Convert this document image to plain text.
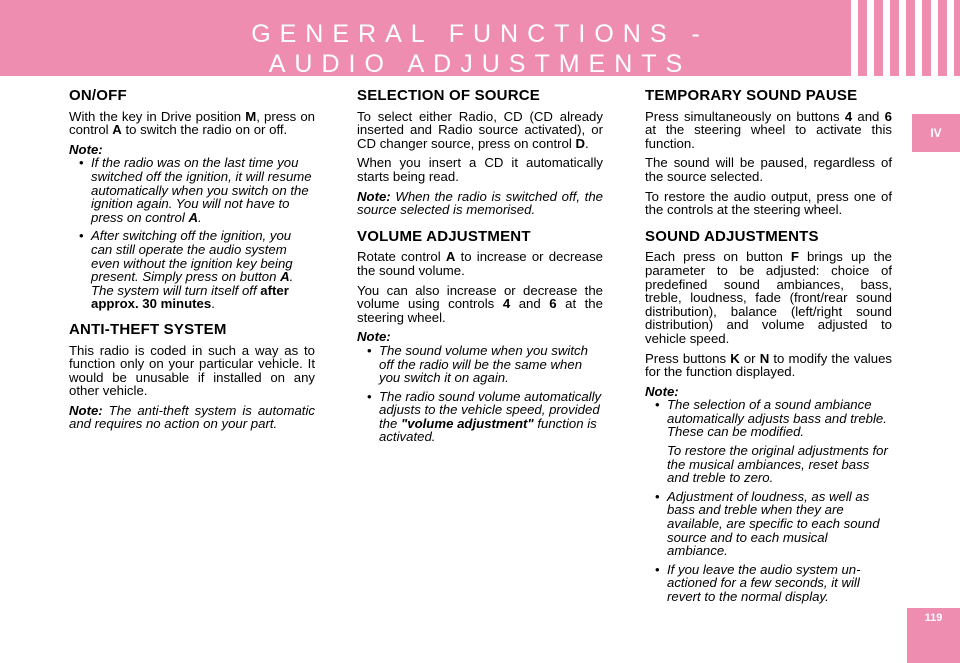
GENERAL FUNCTIONS -
AUDIO ADJUSTMENTS
IV
119
ON/OFF

With the key in Drive position M, press on control A to switch the radio on or off.

Note:

• If the radio was on the last time you switched off the ignition, it will resume automatically when you switch on the ignition again. You will not have to press on control A.
• After switching off the ignition, you can still operate the audio system even without the ignition key being present. Simply press on button A. The system will turn itself off after approx. 30 minutes.
ANTI-THEFT SYSTEM

This radio is coded in such a way as to function only on your particular vehicle. It would be unusable if installed on any other vehicle.

Note: The anti-theft system is automatic and requires no action on your part.

SELECTION OF SOURCE

To select either Radio, CD (CD already inserted and Radio source activated), or CD changer source, press on control D.

When you insert a CD it automatically starts being read.

Note: When the radio is switched off, the source selected is memorised.

VOLUME ADJUSTMENT

Rotate control A to increase or decrease the sound volume.

You can also increase or decrease the volume using controls 4 and 6 at the steering wheel.

Note:

• The sound volume when you switch off the radio will be the same when you switch it on again.
• The radio sound volume automatically adjusts to the vehicle speed, provided the "volume adjustment" function is activated.
TEMPORARY SOUND PAUSE

Press simultaneously on buttons 4 and 6 at the steering wheel to activate this function.

The sound will be paused, regardless of the source selected.

To restore the audio output, press one of the controls at the steering wheel.

SOUND ADJUSTMENTS

Each press on button F brings up the parameter to be adjusted: choice of predefined sound ambiances, bass, treble, loudness, fade (front/rear sound distribution), balance (left/right sound distribution) and volume adjusted to vehicle speed.

Press buttons K or N to modify the values for the function displayed.

Note:

• The selection of a sound ambiance automatically adjusts bass and treble. These can be modified.

To restore the original adjustments for the musical ambiances, reset bass and treble to zero.

• Adjustment of loudness, as well as bass and treble when they are available, are specific to each sound source and to each musical ambiance.
• If you leave the audio system un-actioned for a few seconds, it will revert to the normal display.
